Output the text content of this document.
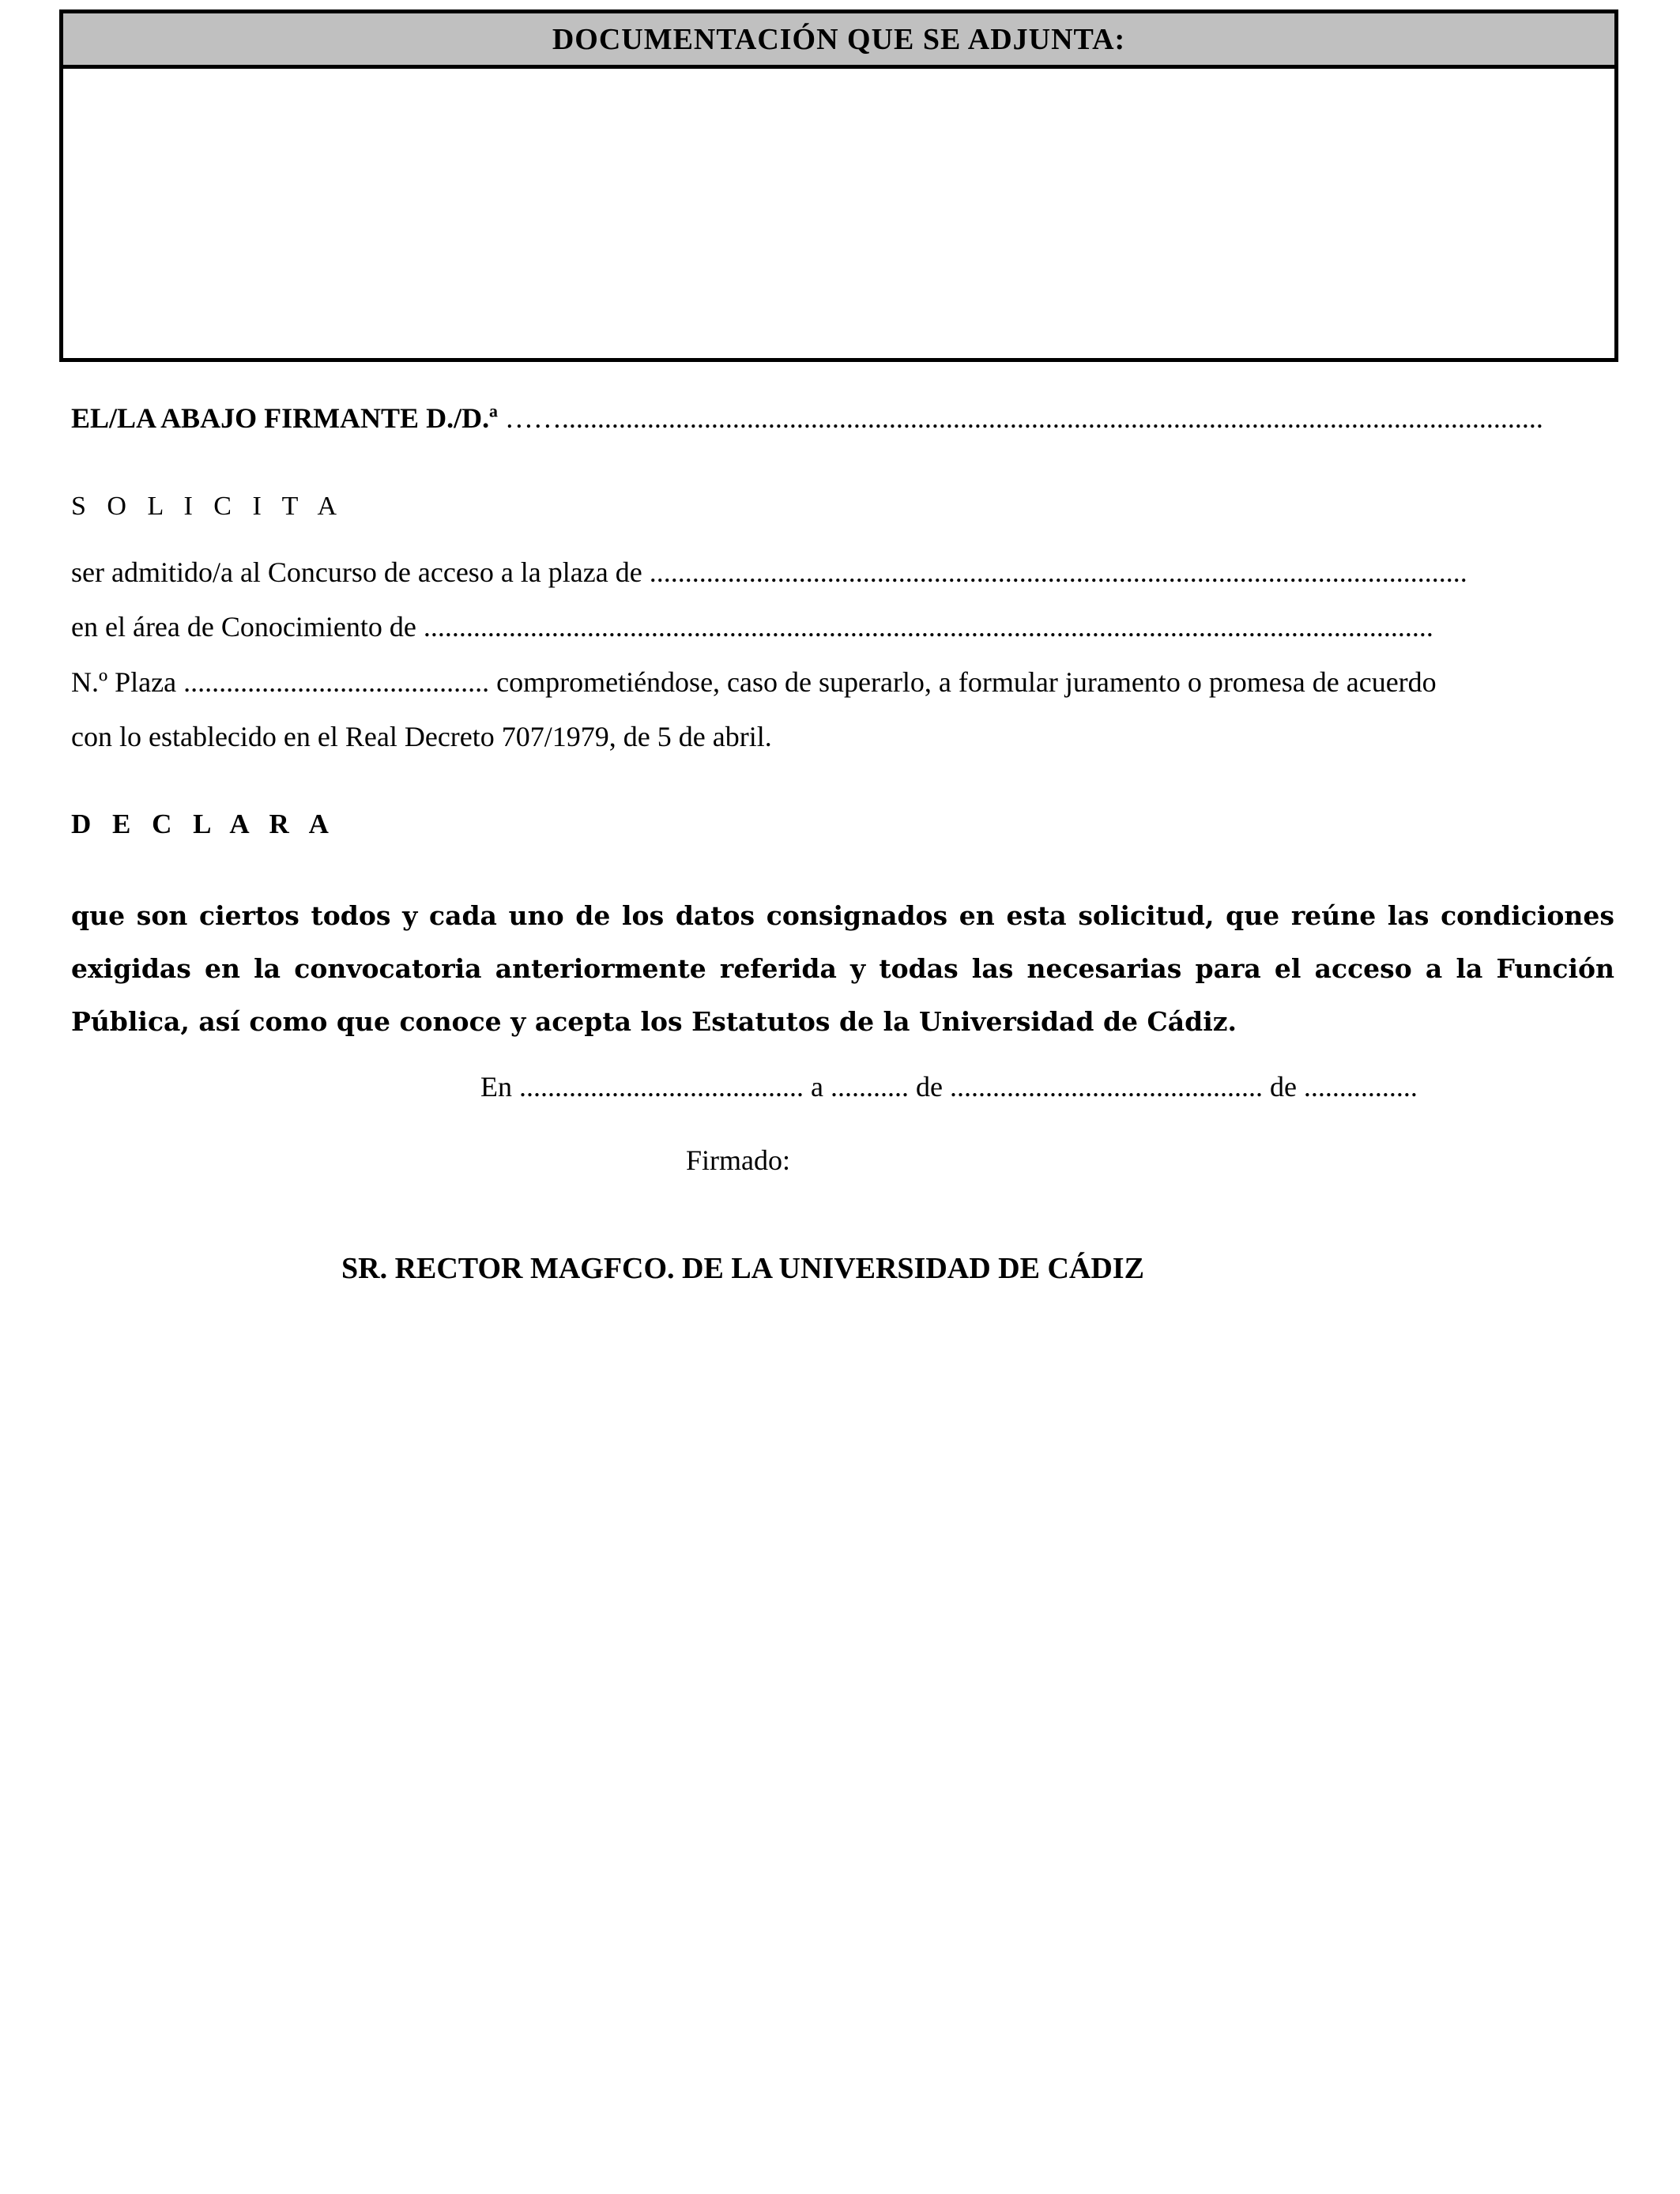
DOCUMENTACIÓN QUE SE ADJUNTA:
EL/LA ABAJO FIRMANTE D./D.ª ……..........................................................................................................................................
S O L I C I T A
ser admitido/a al Concurso de acceso a la plaza de ...................................................................................................................
en el área de Conocimiento de ..............................................................................................................................................
N.º Plaza ........................................... comprometiéndose, caso de superarlo, a formular juramento o promesa de acuerdo
con lo establecido en el Real Decreto 707/1979, de 5 de abril.
D E C L A R A
que son ciertos todos y cada uno de los datos consignados en esta solicitud, que reúne las condiciones exigidas en la convocatoria anteriormente referida y todas las necesarias para el acceso a la Función Pública, así como que conoce y acepta los Estatutos de la Universidad de Cádiz.
En ........................................ a ........... de ............................................ de ................
Firmado:
SR. RECTOR MAGFCO. DE LA UNIVERSIDAD DE CÁDIZ
